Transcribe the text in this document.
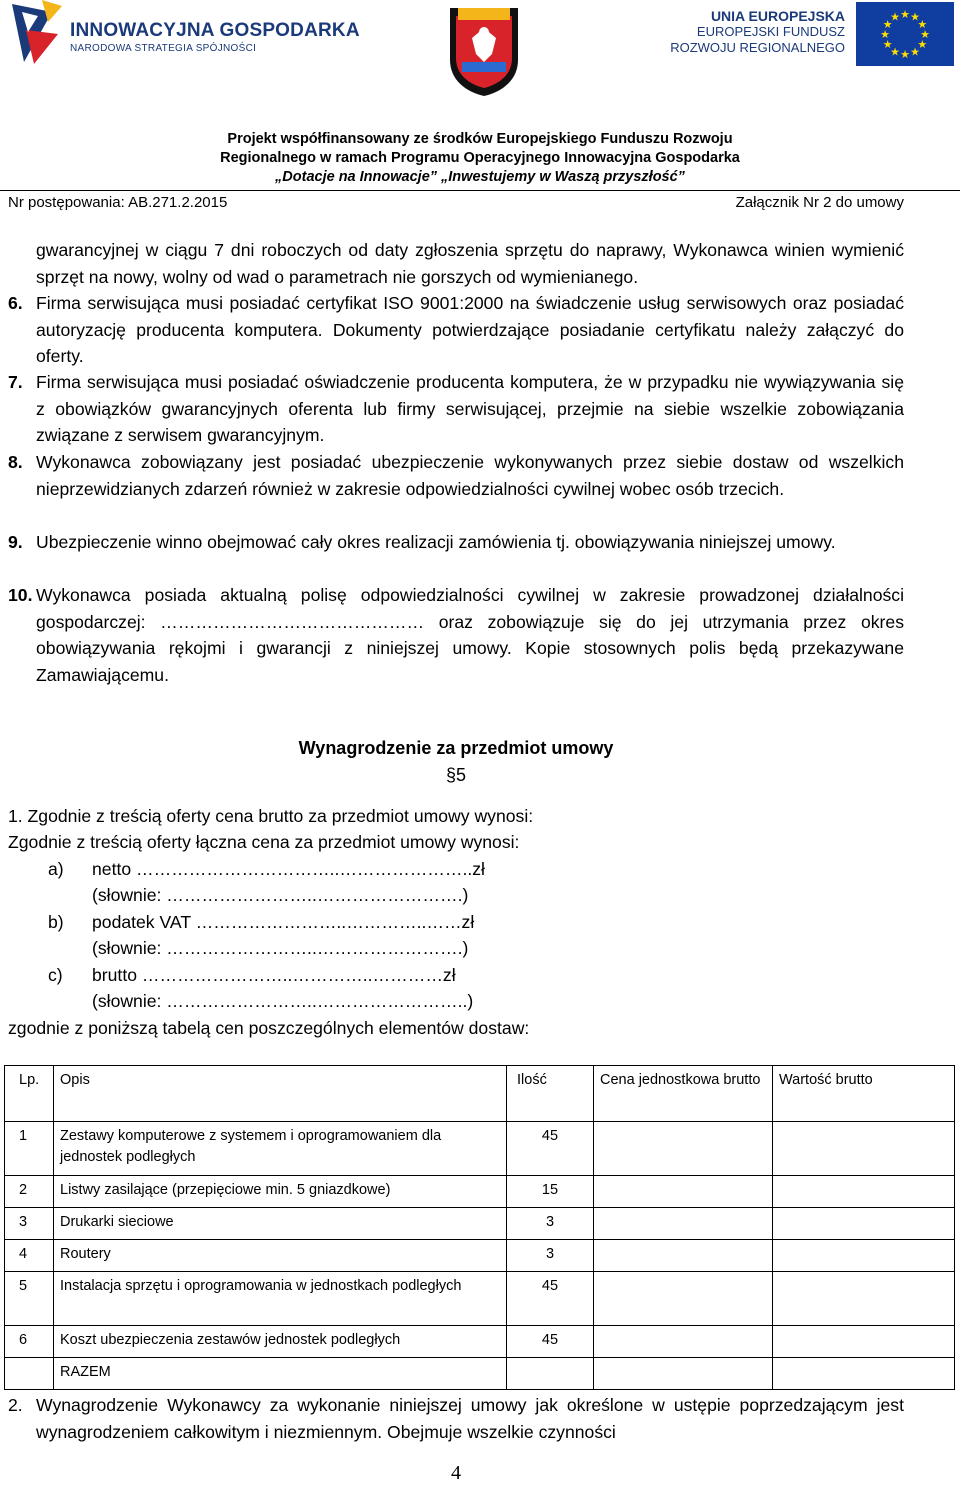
INNOWACYJNA GOSPODARKA
NARODOWA STRATEGIA SPÓJNOŚCI
UNIA EUROPEJSKA
EUROPEJSKI FUNDUSZ
ROZWOJU REGIONALNEGO
★ ★
★
★
★
★
★
★
★
★
★
★
Projekt współfinansowany ze środków Europejskiego Funduszu Rozwoju
Regionalnego w ramach Programu Operacyjnego Innowacyjna Gospodarka
„Dotacje na Innowacje” „Inwestujemy w Waszą przyszłość”
Nr postępowania: AB.271.2.2015	Załącznik Nr 2 do umowy
gwarancyjnej w ciągu 7 dni roboczych od daty zgłoszenia sprzętu do naprawy, Wykonawca winien wymienić sprzęt na nowy, wolny od wad o parametrach nie gorszych od wymienianego.
6. Firma serwisująca musi posiadać certyfikat ISO 9001:2000 na świadczenie usług serwisowych oraz posiadać autoryzację producenta komputera. Dokumenty potwierdzające posiadanie certyfikatu należy załączyć do oferty.
7. Firma serwisująca musi posiadać oświadczenie producenta komputera, że w przypadku nie wywiązywania się z obowiązków gwarancyjnych oferenta lub firmy serwisującej, przejmie na siebie wszelkie zobowiązania związane z serwisem gwarancyjnym.
8. Wykonawca zobowiązany jest posiadać ubezpieczenie wykonywanych przez siebie dostaw od wszelkich nieprzewidzianych zdarzeń również w zakresie odpowiedzialności cywilnej wobec osób trzecich.
9. Ubezpieczenie winno obejmować cały okres realizacji zamówienia tj. obowiązywania niniejszej umowy.
10. Wykonawca posiada aktualną polisę odpowiedzialności cywilnej w zakresie prowadzonej działalności gospodarczej: ……………………………………… oraz zobowiązuje się do jej utrzymania przez okres obowiązywania rękojmi i gwarancji z niniejszej umowy. Kopie stosownych polis będą przekazywane Zamawiającemu.
Wynagrodzenie za przedmiot umowy
§5
1. Zgodnie z treścią oferty cena brutto za przedmiot umowy wynosi:
Zgodnie z treścią oferty łączna cena za przedmiot umowy wynosi:
a) netto ……………………………..…………………..zł
(słownie: ……………………..…………………….)
b) podatek VAT ……………………..…………..……zł
(słownie: ……………………..…………………….)
c) brutto ……………………..…………..…………zł
(słownie: ……………………..……………………..)
zgodnie z poniższą tabelą cen poszczególnych elementów dostaw:
Lp.	Opis	Ilość	Cena jednostkowa brutto	Wartość brutto
1	Zestawy komputerowe z systemem i oprogramowaniem dla jednostek podległych	45		
2	Listwy zasilające (przepięciowe min. 5 gniazdkowe)	15		
3	Drukarki sieciowe	3		
4	Routery	3		
5	Instalacja sprzętu i oprogramowania w jednostkach podległych	45		
6	Koszt ubezpieczenia zestawów jednostek podległych	45		
	RAZEM			
2. Wynagrodzenie Wykonawcy za wykonanie niniejszej umowy jak określone w ustępie poprzedzającym jest wynagrodzeniem całkowitym i niezmiennym. Obejmuje wszelkie czynności
4
